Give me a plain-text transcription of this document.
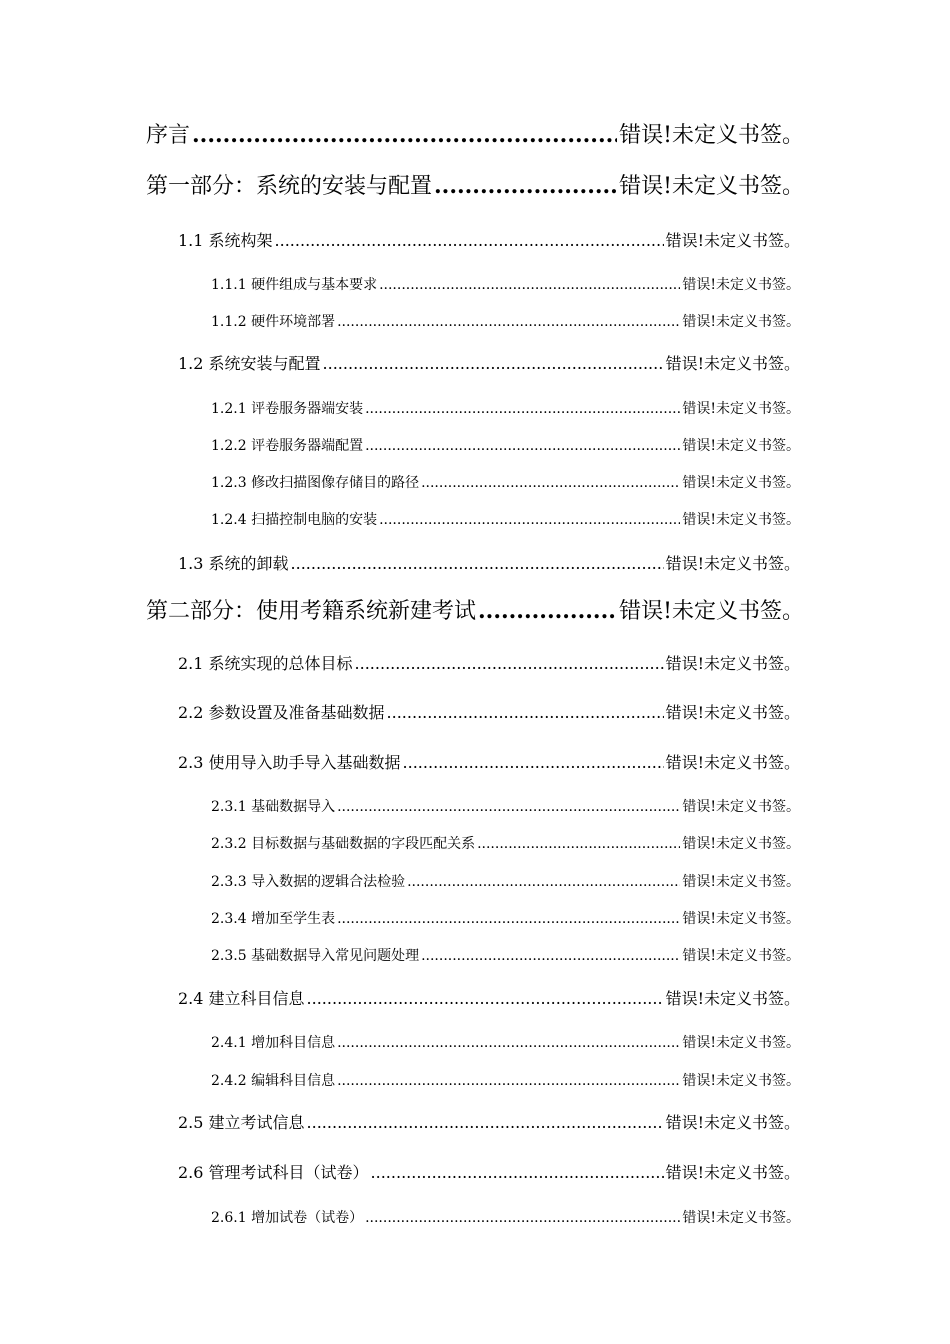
序言 .....	错误!未定义书签。
第一部分：系统的安装与配置 .....	错误!未定义书签。
1.1 系统构架 .....	错误!未定义书签。
1.1.1 硬件组成与基本要求 .....	错误!未定义书签。
1.1.2 硬件环境部署 .....	错误!未定义书签。
1.2 系统安装与配置 .....	错误!未定义书签。
1.2.1 评卷服务器端安装 .....	错误!未定义书签。
1.2.2 评卷服务器端配置 .....	错误!未定义书签。
1.2.3 修改扫描图像存储目的路径 .....	错误!未定义书签。
1.2.4 扫描控制电脑的安装 .....	错误!未定义书签。
1.3 系统的卸载 .....	错误!未定义书签。
第二部分：使用考籍系统新建考试 .....	错误!未定义书签。
2.1 系统实现的总体目标 .....	错误!未定义书签。
2.2 参数设置及准备基础数据 .....	错误!未定义书签。
2.3 使用导入助手导入基础数据 .....	错误!未定义书签。
2.3.1 基础数据导入 .....	错误!未定义书签。
2.3.2 目标数据与基础数据的字段匹配关系 .....	错误!未定义书签。
2.3.3 导入数据的逻辑合法检验 .....	错误!未定义书签。
2.3.4 增加至学生表 .....	错误!未定义书签。
2.3.5 基础数据导入常见问题处理 .....	错误!未定义书签。
2.4 建立科目信息 .....	错误!未定义书签。
2.4.1 增加科目信息 .....	错误!未定义书签。
2.4.2 编辑科目信息 .....	错误!未定义书签。
2.5 建立考试信息 .....	错误!未定义书签。
2.6 管理考试科目（试卷） .....	错误!未定义书签。
2.6.1 增加试卷（试卷） .....	错误!未定义书签。
